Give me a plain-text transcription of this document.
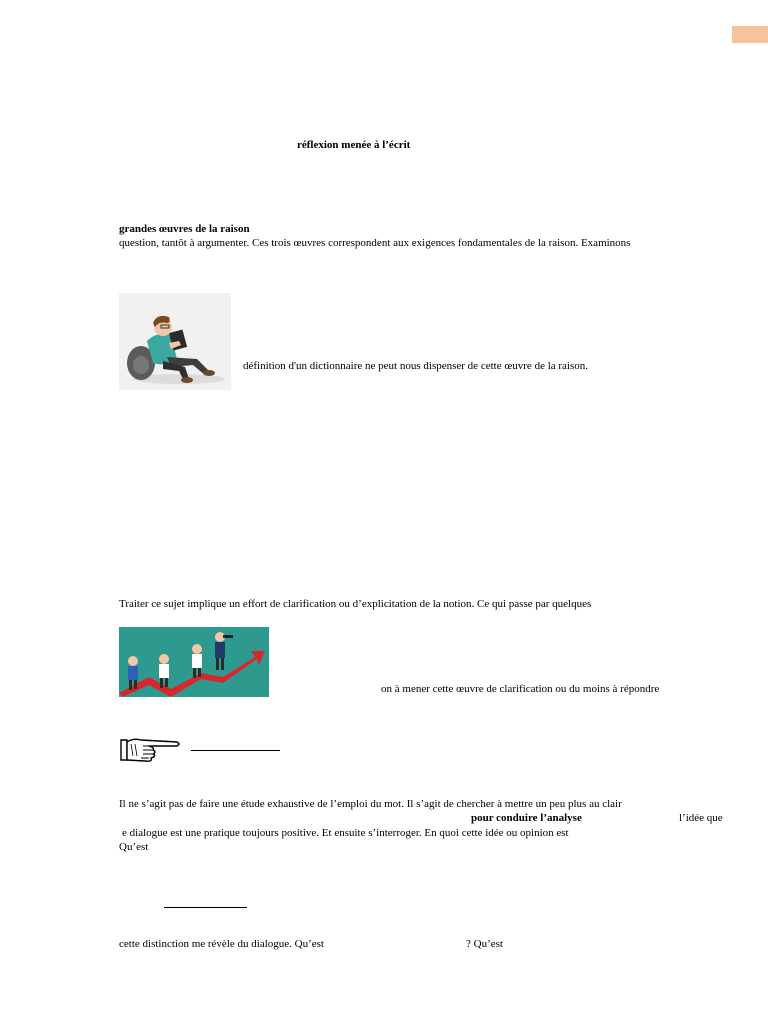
réflexion menée à l’écrit
grandes œuvres de la raison
question, tantôt à argumenter. Ces trois œuvres correspondent aux exigences fondamentales de la raison. Examinons
définition d'un dictionnaire ne peut nous dispenser de cette œuvre de la raison.
Traiter ce sujet implique un effort de clarification ou d’explicitation de la notion. Ce qui passe par quelques
on à mener cette œuvre de clarification ou du moins à répondre
Il ne s’agit pas de faire une étude exhaustive de l’emploi du mot. Il s’agit de chercher à mettre un peu plus au clair
pour conduire l’analyse	l’idée que
e dialogue est une pratique toujours positive. Et ensuite s’interroger. En quoi cette idée ou opinion est
Qu’est
cette distinction me révèle du dialogue. Qu’est	? Qu’est
